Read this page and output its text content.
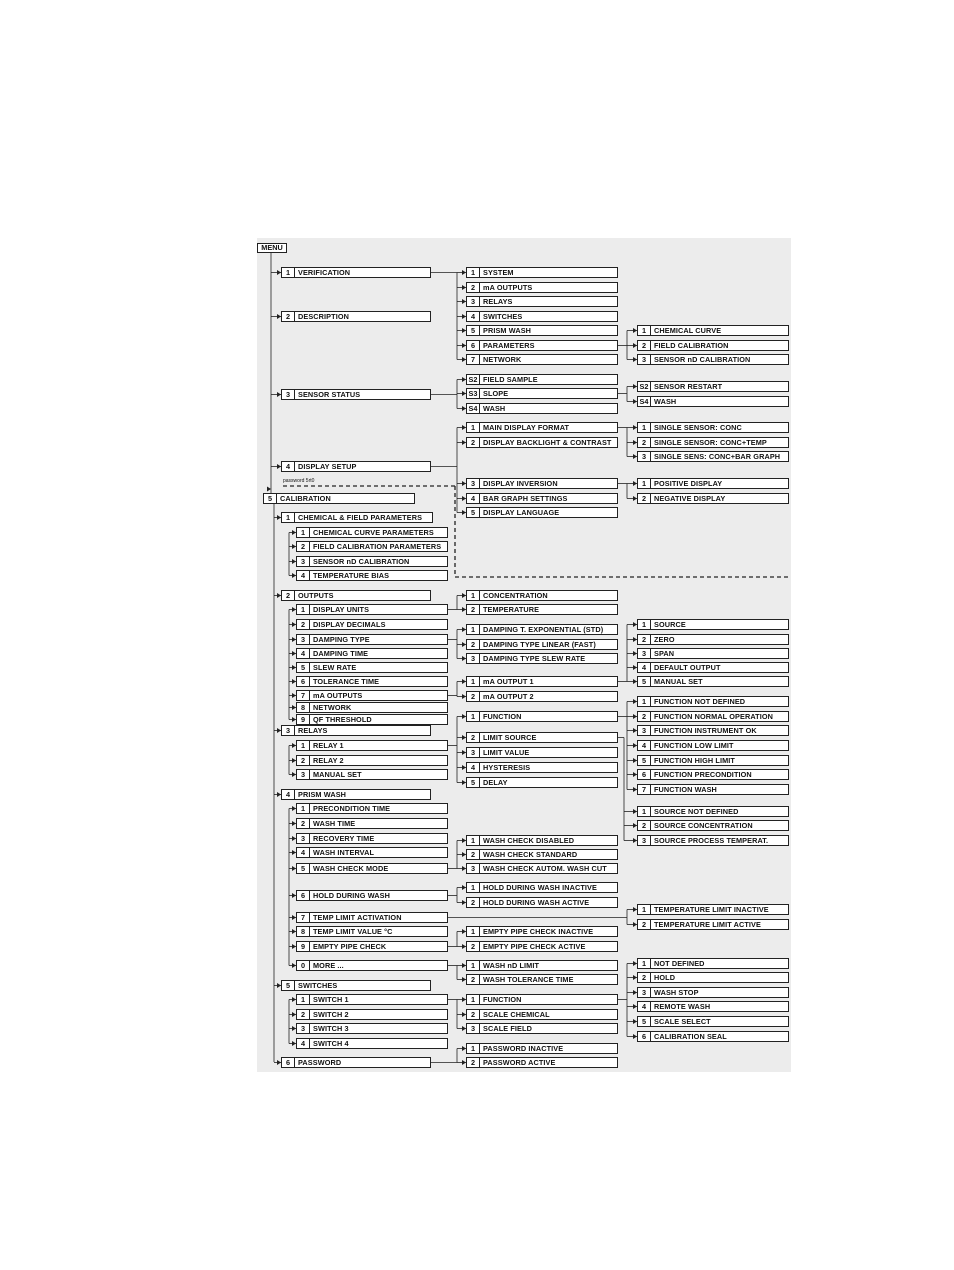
MENU
password 5rt0
1	VERIFICATION
2	DESCRIPTION
3	SENSOR STATUS
4	DISPLAY SETUP
5	CALIBRATION
1	SYSTEM
2	mA OUTPUTS
3	RELAYS
4	SWITCHES
5	PRISM WASH
6	PARAMETERS
7	NETWORK
1	CHEMICAL CURVE
2	FIELD CALIBRATION
3	SENSOR nD CALIBRATION
S2 FIELD SAMPLE
S3 SLOPE
S4 WASH
S2 SENSOR RESTART
S4 WASH
1	MAIN DISPLAY FORMAT
2	DISPLAY BACKLIGHT & CONTRAST
3	DISPLAY INVERSION
4	BAR GRAPH SETTINGS
5	DISPLAY LANGUAGE
1	SINGLE SENSOR: CONC
2	SINGLE SENSOR: CONC+TEMP
3	SINGLE SENS: CONC+BAR GRAPH
1	POSITIVE DISPLAY
2	NEGATIVE DISPLAY
1	CHEMICAL & FIELD PARAMETERS
1	CHEMICAL CURVE PARAMETERS
2	FIELD CALIBRATION PARAMETERS
3	SENSOR nD CALIBRATION
4	TEMPERATURE BIAS
2	OUTPUTS
1	DISPLAY UNITS
2	DISPLAY DECIMALS
3	DAMPING TYPE
4	DAMPING TIME
5	SLEW RATE
6	TOLERANCE TIME
7	mA OUTPUTS
8	NETWORK
9	QF THRESHOLD
1	CONCENTRATION
2	TEMPERATURE
1	DAMPING T. EXPONENTIAL (STD)
2	DAMPING TYPE LINEAR (FAST)
3	DAMPING TYPE SLEW RATE
1	mA OUTPUT 1
2	mA OUTPUT 2
1	SOURCE
2	ZERO
3	SPAN
4	DEFAULT OUTPUT
5	MANUAL SET
3	RELAYS
1	RELAY 1
2	RELAY 2
3	MANUAL SET
1	FUNCTION
2	LIMIT SOURCE
3	LIMIT VALUE
4	HYSTERESIS
5	DELAY
1	FUNCTION NOT DEFINED
2	FUNCTION NORMAL OPERATION
3	FUNCTION INSTRUMENT OK
4	FUNCTION LOW LIMIT
5	FUNCTION HIGH LIMIT
6	FUNCTION PRECONDITION
7	FUNCTION WASH
1	SOURCE NOT DEFINED
2	SOURCE CONCENTRATION
3	SOURCE PROCESS TEMPERAT.
4	PRISM WASH
1	PRECONDITION TIME
2	WASH TIME
3	RECOVERY TIME
4	WASH INTERVAL
5	WASH CHECK MODE
6	HOLD DURING WASH
7	TEMP LIMIT ACTIVATION
8	TEMP LIMIT VALUE °C
9	EMPTY PIPE CHECK
0	MORE ...
1	WASH CHECK DISABLED
2	WASH CHECK STANDARD
3	WASH CHECK AUTOM. WASH CUT
1	HOLD DURING WASH INACTIVE
2	HOLD DURING WASH ACTIVE
1	TEMPERATURE LIMIT INACTIVE
2	TEMPERATURE LIMIT ACTIVE
1	EMPTY PIPE CHECK INACTIVE
2	EMPTY PIPE CHECK ACTIVE
1	WASH nD LIMIT
2	WASH TOLERANCE TIME
5	SWITCHES
1	SWITCH 1
2	SWITCH 2
3	SWITCH 3
4	SWITCH 4
1	FUNCTION
2	SCALE CHEMICAL
3	SCALE FIELD
1	NOT DEFINED
2	HOLD
3	WASH STOP
4	REMOTE WASH
5	SCALE SELECT
6	CALIBRATION SEAL
6	PASSWORD
1	PASSWORD INACTIVE
2	PASSWORD ACTIVE
